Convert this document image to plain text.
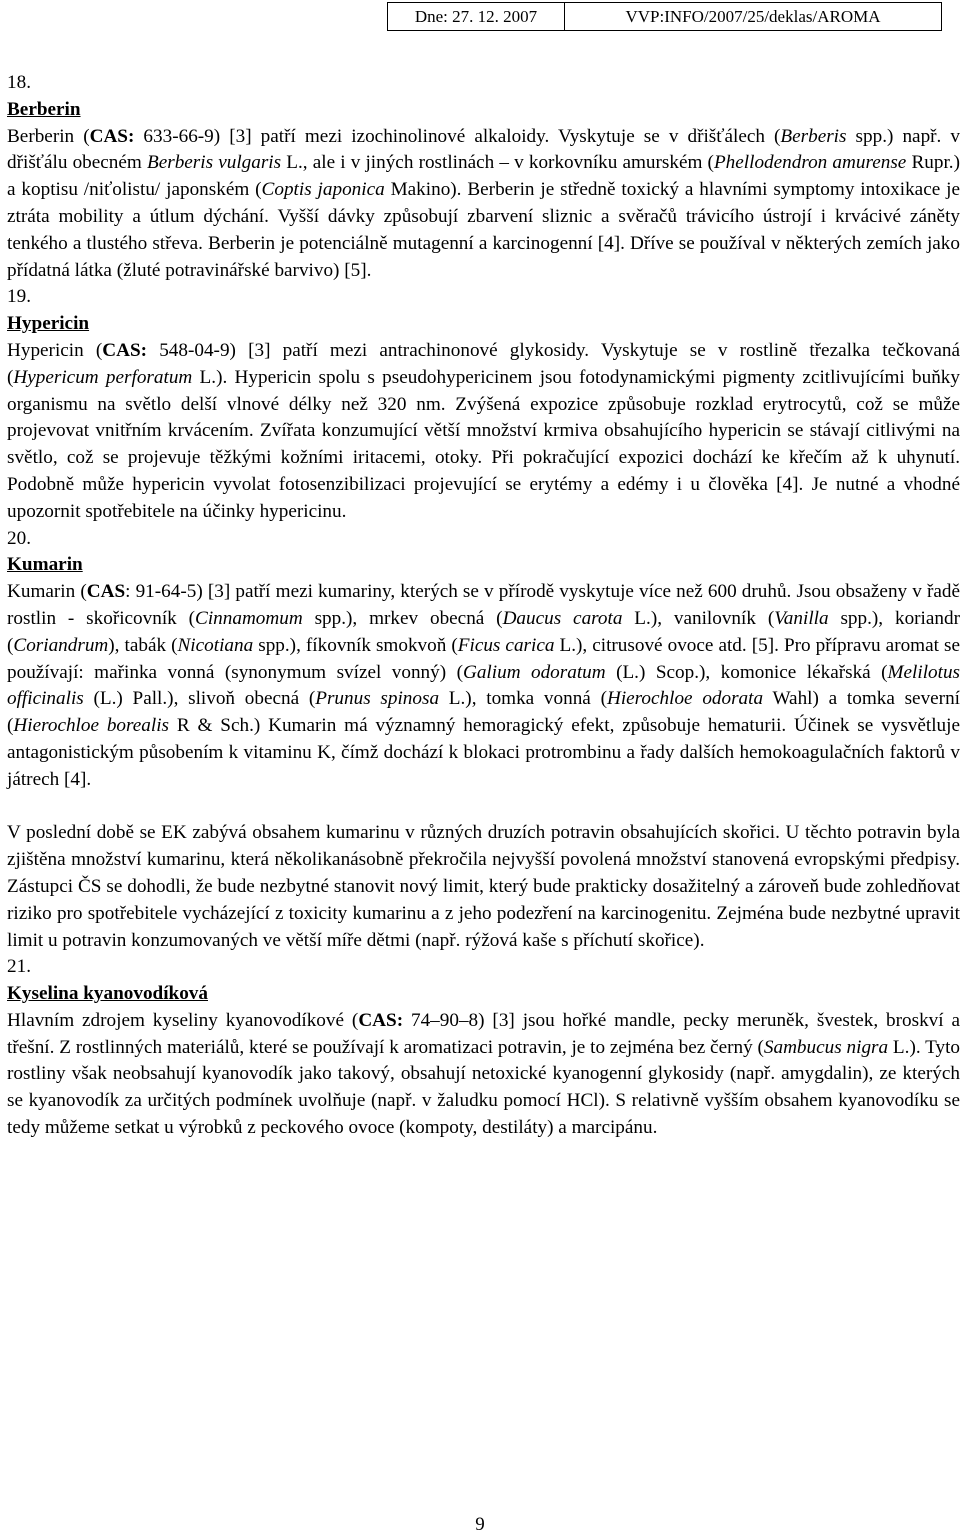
Dne: 27. 12. 2007	VVP:INFO/2007/25/deklas/AROMA

18.

Berberin

Berberin (CAS: 633-66-9) [3] patří mezi izochinolinové alkaloidy. Vyskytuje se v dřišťálech (Berberis spp.) např. v dřišťálu obecném Berberis vulgaris L., ale i v jiných rostlinách – v korkovníku amurském (Phellodendron amurense Rupr.) a koptisu /niťolistu/ japonském (Coptis japonica Makino). Berberin je středně toxický a hlavními symptomy intoxikace je ztráta mobility a útlum dýchání. Vyšší dávky způsobují zbarvení sliznic a svěračů trávicího ústrojí i krvácivé záněty tenkého a tlustého střeva. Berberin je potenciálně mutagenní a karcinogenní [4]. Dříve se používal v některých zemích jako přídatná látka (žluté potravinářské barvivo) [5].

19.

Hypericin

Hypericin (CAS: 548-04-9) [3] patří mezi antrachinonové glykosidy. Vyskytuje se v rostlině třezalka tečkovaná (Hypericum perforatum L.). Hypericin spolu s pseudohypericinem jsou fotodynamickými pigmenty zcitlivujícími buňky organismu na světlo delší vlnové délky než 320 nm. Zvýšená expozice způsobuje rozklad erytrocytů, což se může projevovat vnitřním krvácením. Zvířata konzumující větší množství krmiva obsahujícího hypericin se stávají citlivými na světlo, což se projevuje těžkými kožními iritacemi, otoky. Při pokračující expozici dochází ke křečím až k uhynutí. Podobně může hypericin vyvolat fotosenzibilizaci projevující se erytémy a edémy i u člověka [4]. Je nutné a vhodné upozornit spotřebitele na účinky hypericinu.

20.

Kumarin

Kumarin (CAS: 91-64-5) [3] patří mezi kumariny, kterých se v přírodě vyskytuje více než 600 druhů. Jsou obsaženy v řadě rostlin - skořicovník (Cinnamomum spp.), mrkev obecná (Daucus carota L.), vanilovník (Vanilla spp.), koriandr (Coriandrum), tabák (Nicotiana spp.), fíkovník smokvoň (Ficus carica L.), citrusové ovoce atd. [5]. Pro přípravu aromat se používají: mařinka vonná (synonymum svízel vonný) (Galium odoratum (L.) Scop.), komonice lékařská (Melilotus officinalis (L.) Pall.), slivoň obecná (Prunus spinosa L.), tomka vonná (Hierochloe odorata Wahl) a tomka severní (Hierochloe borealis R & Sch.) Kumarin má významný hemoragický efekt, způsobuje hematurii. Účinek se vysvětluje antagonistickým působením k vitaminu K, čímž dochází k blokaci protrombinu a řady dalších hemokoagulačních faktorů v játrech [4].

V poslední době se EK zabývá obsahem kumarinu v různých druzích potravin obsahujících skořici. U těchto potravin byla zjištěna množství kumarinu, která několikanásobně překročila nejvyšší povolená množství stanovená evropskými předpisy. Zástupci ČS se dohodli, že bude nezbytné stanovit nový limit, který bude prakticky dosažitelný a zároveň bude zohledňovat riziko pro spotřebitele vycházející z toxicity kumarinu a z jeho podezření na karcinogenitu. Zejména bude nezbytné upravit limit u potravin konzumovaných ve větší míře dětmi (např. rýžová kaše s příchutí skořice).

21.

Kyselina kyanovodíková

Hlavním zdrojem kyseliny kyanovodíkové (CAS: 74–90–8) [3] jsou hořké mandle, pecky meruněk, švestek, broskví a třešní. Z rostlinných materiálů, které se používají k aromatizaci potravin, je to zejména bez černý (Sambucus nigra L.). Tyto rostliny však neobsahují kyanovodík jako takový, obsahují netoxické kyanogenní glykosidy (např. amygdalin), ze kterých se kyanovodík za určitých podmínek uvolňuje (např. v žaludku pomocí HCl). S relativně vyšším obsahem kyanovodíku se tedy můžeme setkat u výrobků z peckového ovoce (kompoty, destiláty) a marcipánu.

9
